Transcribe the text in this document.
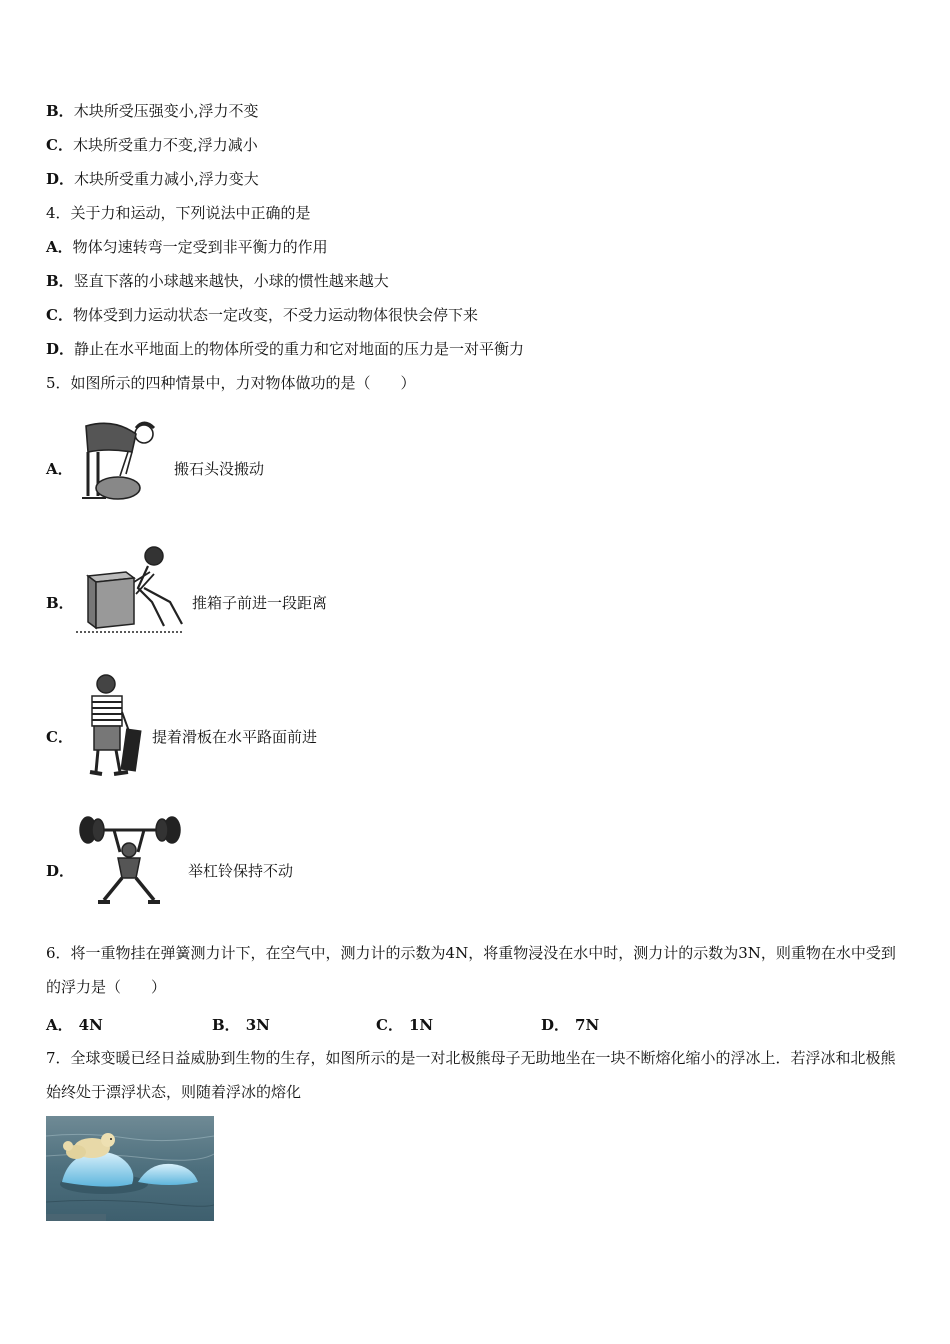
B．木块所受压强变小,浮力不变
C．木块所受重力不变,浮力减小
D．木块所受重力减小,浮力变大
4．关于力和运动，下列说法中正确的是
A．物体匀速转弯一定受到非平衡力的作用
B．竖直下落的小球越来越快，小球的惯性越来越大
C．物体受到力运动状态一定改变，不受力运动物体很快会停下来
D．静止在水平地面上的物体所受的重力和它对地面的压力是一对平衡力
5．如图所示的四种情景中，力对物体做功的是（　　）
A．	搬石头没搬动
B．	推箱子前进一段距离
C．	提着滑板在水平路面前进
D．	举杠铃保持不动
6．将一重物挂在弹簧测力计下，在空气中，测力计的示数为4N，将重物浸没在水中时，测力计的示数为3N，则重物在水中受到的浮力是（　　）
A． 4N	B． 3N	C． 1N	D． 7N
7．全球变暖已经日益威胁到生物的生存，如图所示的是一对北极熊母子无助地坐在一块不断熔化缩小的浮冰上．若浮冰和北极熊始终处于漂浮状态，则随着浮冰的熔化
